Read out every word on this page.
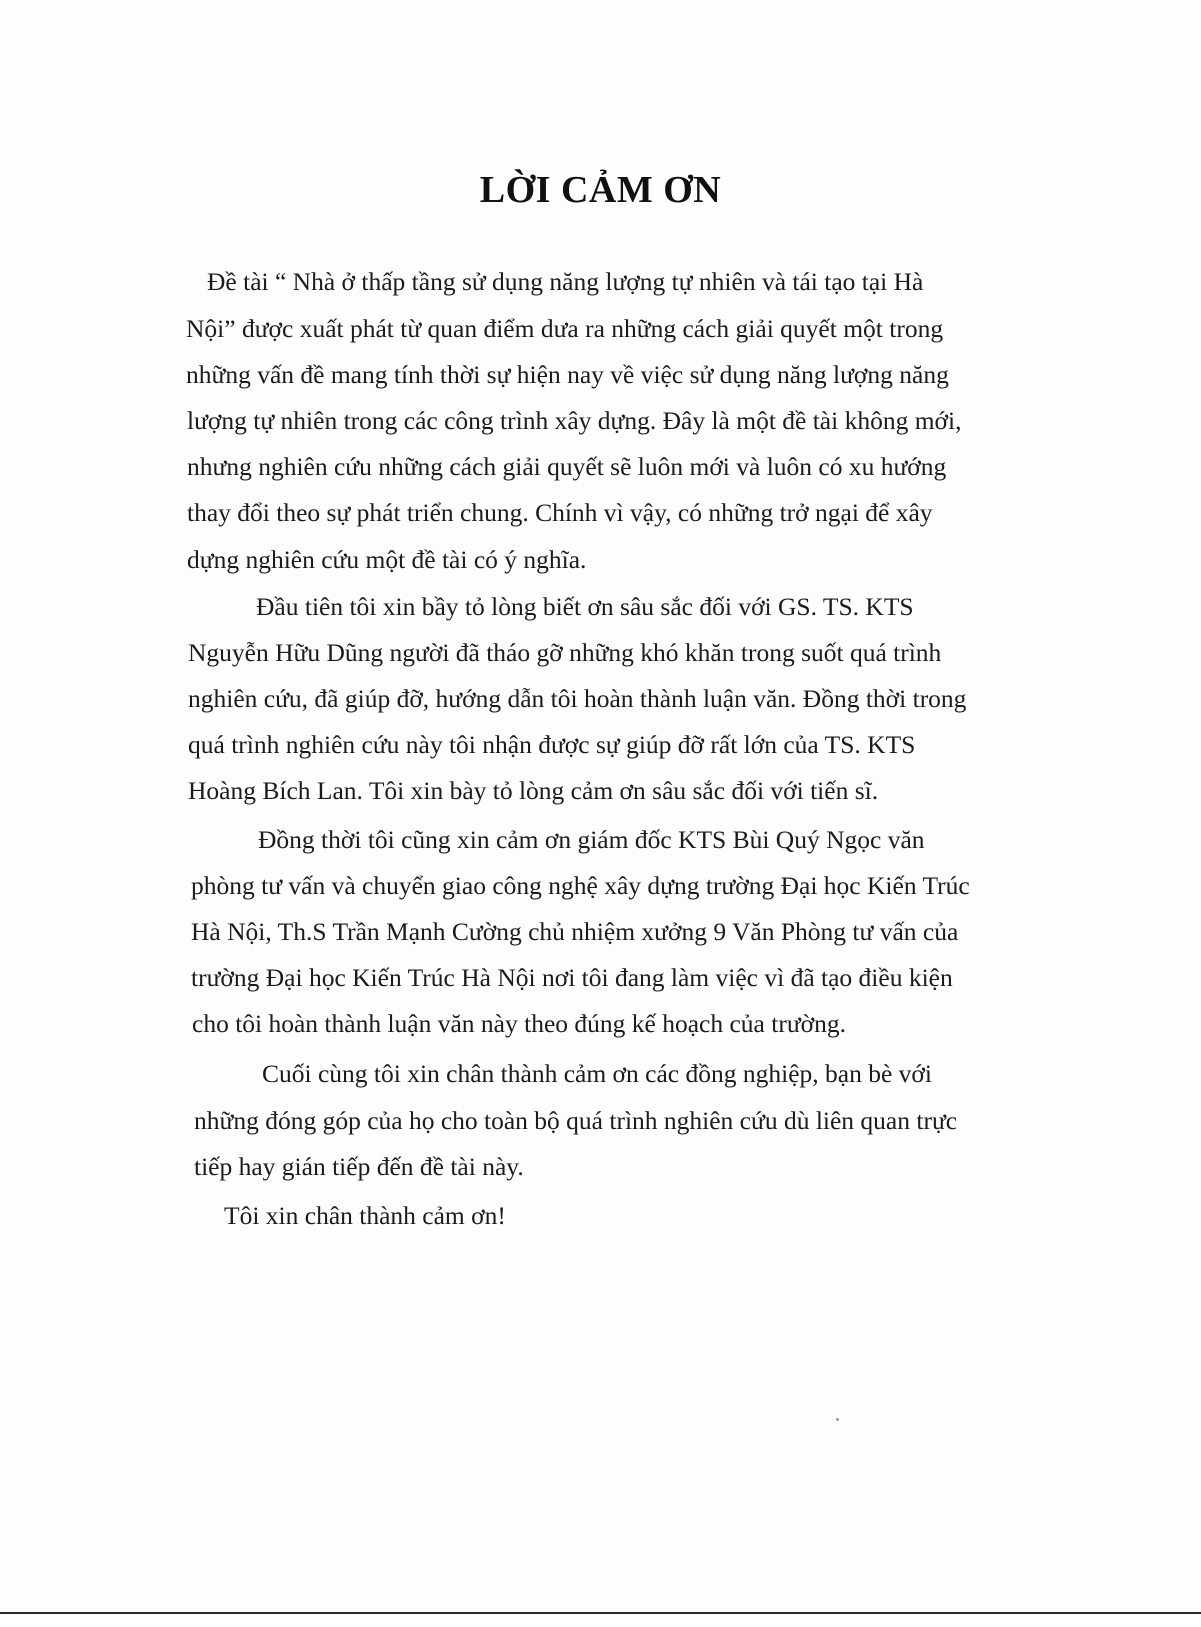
LỜI CẢM ƠN

Đề tài “ Nhà ở thấp tầng sử dụng năng lượng tự nhiên và tái tạo tại Hà

Nội” được xuất phát từ quan điểm dưa ra những cách giải quyết một trong

những vấn đề mang tính thời sự hiện nay về việc sử dụng năng lượng năng

lượng tự nhiên trong các công trình xây dựng. Đây là một đề tài không mới,

nhưng nghiên cứu những cách giải quyết sẽ luôn mới và luôn có xu hướng

thay đổi theo sự phát triển chung. Chính vì vậy, có những trở ngại để xây

dựng nghiên cứu một đề tài có ý nghĩa.

Đầu tiên tôi xin bầy tỏ lòng biết ơn sâu sắc đối với GS. TS. KTS

Nguyễn Hữu Dũng người đã tháo gỡ những khó khăn trong suốt quá trình

nghiên cứu, đã giúp đỡ, hướng dẫn tôi hoàn thành luận văn. Đồng thời trong

quá trình nghiên cứu này tôi nhận được sự giúp đỡ rất lớn của TS. KTS

Hoàng Bích Lan. Tôi xin bày tỏ lòng cảm ơn sâu sắc đối với tiến sĩ.

Đồng thời tôi cũng xin cảm ơn giám đốc KTS Bùi Quý Ngọc văn

phòng tư vấn và chuyển giao công nghệ xây dựng trường Đại học Kiến Trúc

Hà Nội, Th.S Trần Mạnh Cường chủ nhiệm xưởng 9 Văn Phòng tư vấn của

trường Đại học Kiến Trúc Hà Nội nơi tôi đang làm việc vì đã tạo điều kiện

cho tôi hoàn thành luận văn này theo đúng kế hoạch của trường.

Cuối cùng tôi xin chân thành cảm ơn các đồng nghiệp, bạn bè với

những đóng góp của họ cho toàn bộ quá trình nghiên cứu dù liên quan trực

tiếp hay gián tiếp đến đề tài này.

Tôi xin chân thành cảm ơn!
